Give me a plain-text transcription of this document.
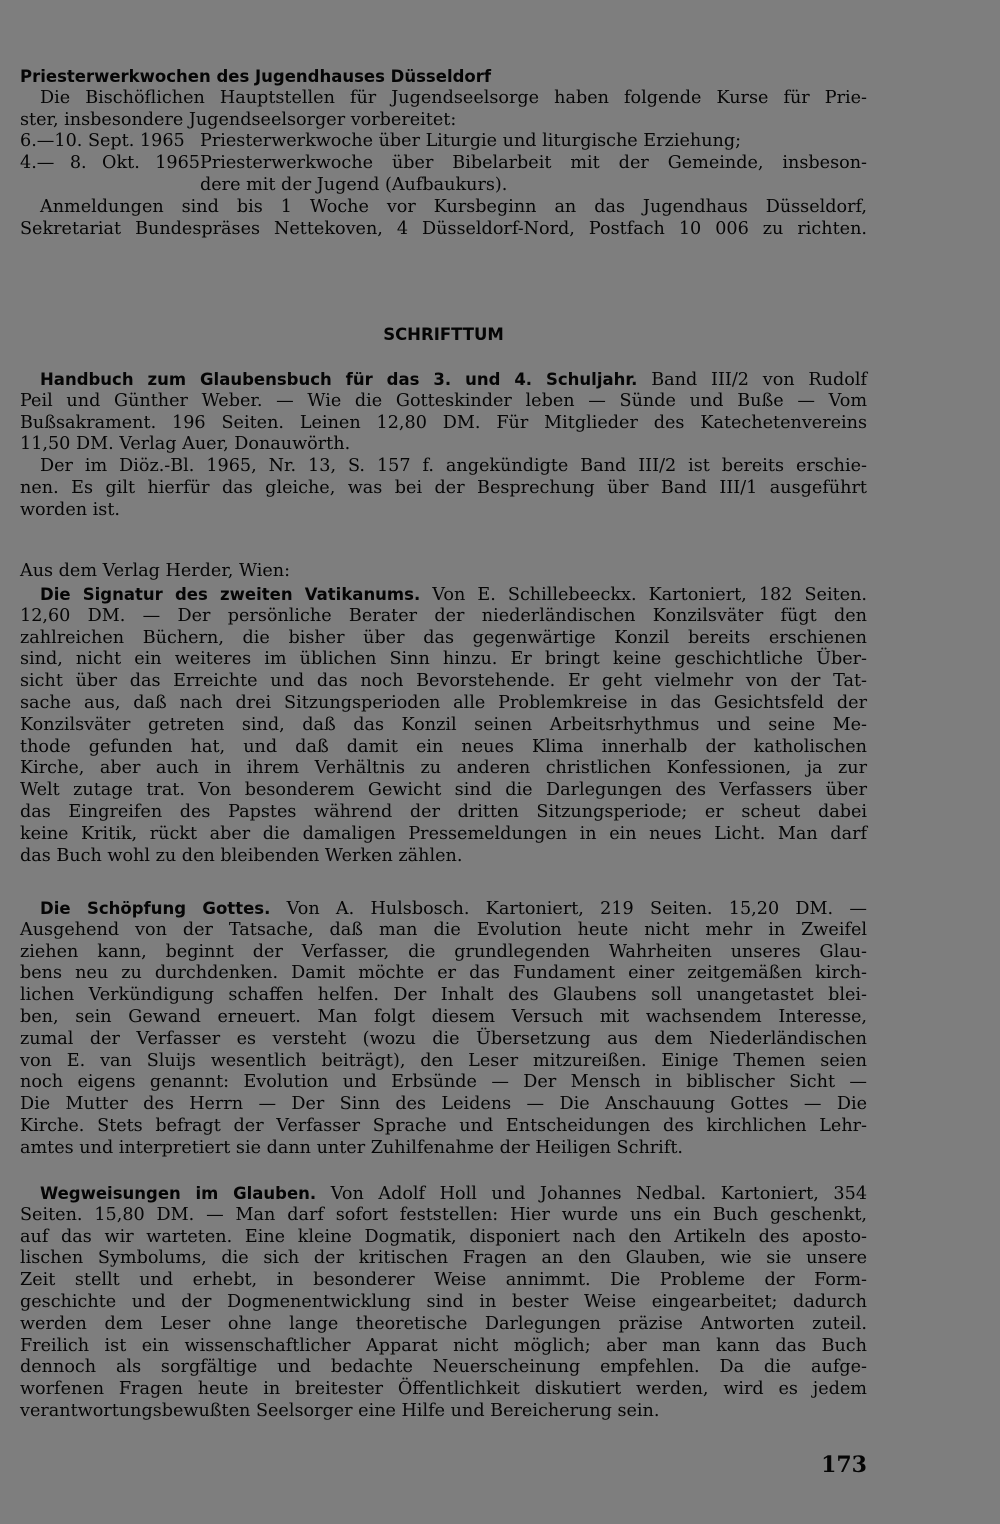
Priesterwerkwochen des Jugendhauses Düsseldorf
Die Bischöflichen Hauptstellen für Jugendseelsorge haben folgende Kurse für Prie-
ster, insbesondere Jugendseelsorger vorbereitet:
6.—10. Sept. 1965 Priesterwerkwoche über Liturgie und liturgische Erziehung;
4.— 8. Okt. 1965Priesterwerkwoche über Bibelarbeit mit der Gemeinde, insbeson-
dere mit der Jugend (Aufbaukurs).
Anmeldungen sind bis 1 Woche vor Kursbeginn an das Jugendhaus Düsseldorf,
Sekretariat Bundespräses Nettekoven, 4 Düsseldorf-Nord, Postfach 10 006 zu richten.
SCHRIFTTUM
Handbuch zum Glaubensbuch für das 3. und 4. Schuljahr. Band III/2 von Rudolf
Peil und Günther Weber. — Wie die Gotteskinder leben — Sünde und Buße — Vom
Bußsakrament. 196 Seiten. Leinen 12,80 DM. Für Mitglieder des Katechetenvereins
11,50 DM. Verlag Auer, Donauwörth.
Der im Diöz.-Bl. 1965, Nr. 13, S. 157 f. angekündigte Band III/2 ist bereits erschie-
nen. Es gilt hierfür das gleiche, was bei der Besprechung über Band III/1 ausgeführt
worden ist.
Aus dem Verlag Herder, Wien:
Die Signatur des zweiten Vatikanums. Von E. Schillebeeckx. Kartoniert, 182 Seiten.
12,60 DM. — Der persönliche Berater der niederländischen Konzilsväter fügt den
zahlreichen Büchern, die bisher über das gegenwärtige Konzil bereits erschienen
sind, nicht ein weiteres im üblichen Sinn hinzu. Er bringt keine geschichtliche Über-
sicht über das Erreichte und das noch Bevorstehende. Er geht vielmehr von der Tat-
sache aus, daß nach drei Sitzungsperioden alle Problemkreise in das Gesichtsfeld der
Konzilsväter getreten sind, daß das Konzil seinen Arbeitsrhythmus und seine Me-
thode gefunden hat, und daß damit ein neues Klima innerhalb der katholischen
Kirche, aber auch in ihrem Verhältnis zu anderen christlichen Konfessionen, ja zur
Welt zutage trat. Von besonderem Gewicht sind die Darlegungen des Verfassers über
das Eingreifen des Papstes während der dritten Sitzungsperiode; er scheut dabei
keine Kritik, rückt aber die damaligen Pressemeldungen in ein neues Licht. Man darf
das Buch wohl zu den bleibenden Werken zählen.
Die Schöpfung Gottes. Von A. Hulsbosch. Kartoniert, 219 Seiten. 15,20 DM. —
Ausgehend von der Tatsache, daß man die Evolution heute nicht mehr in Zweifel
ziehen kann, beginnt der Verfasser, die grundlegenden Wahrheiten unseres Glau-
bens neu zu durchdenken. Damit möchte er das Fundament einer zeitgemäßen kirch-
lichen Verkündigung schaffen helfen. Der Inhalt des Glaubens soll unangetastet blei-
ben, sein Gewand erneuert. Man folgt diesem Versuch mit wachsendem Interesse,
zumal der Verfasser es versteht (wozu die Übersetzung aus dem Niederländischen
von E. van Sluijs wesentlich beiträgt), den Leser mitzureißen. Einige Themen seien
noch eigens genannt: Evolution und Erbsünde — Der Mensch in biblischer Sicht —
Die Mutter des Herrn — Der Sinn des Leidens — Die Anschauung Gottes — Die
Kirche. Stets befragt der Verfasser Sprache und Entscheidungen des kirchlichen Lehr-
amtes und interpretiert sie dann unter Zuhilfenahme der Heiligen Schrift.
Wegweisungen im Glauben. Von Adolf Holl und Johannes Nedbal. Kartoniert, 354
Seiten. 15,80 DM. — Man darf sofort feststellen: Hier wurde uns ein Buch geschenkt,
auf das wir warteten. Eine kleine Dogmatik, disponiert nach den Artikeln des aposto-
lischen Symbolums, die sich der kritischen Fragen an den Glauben, wie sie unsere
Zeit stellt und erhebt, in besonderer Weise annimmt. Die Probleme der Form-
geschichte und der Dogmenentwicklung sind in bester Weise eingearbeitet; dadurch
werden dem Leser ohne lange theoretische Darlegungen präzise Antworten zuteil.
Freilich ist ein wissenschaftlicher Apparat nicht möglich; aber man kann das Buch
dennoch als sorgfältige und bedachte Neuerscheinung empfehlen. Da die aufge-
worfenen Fragen heute in breitester Öffentlichkeit diskutiert werden, wird es jedem
verantwortungsbewußten Seelsorger eine Hilfe und Bereicherung sein.
173
